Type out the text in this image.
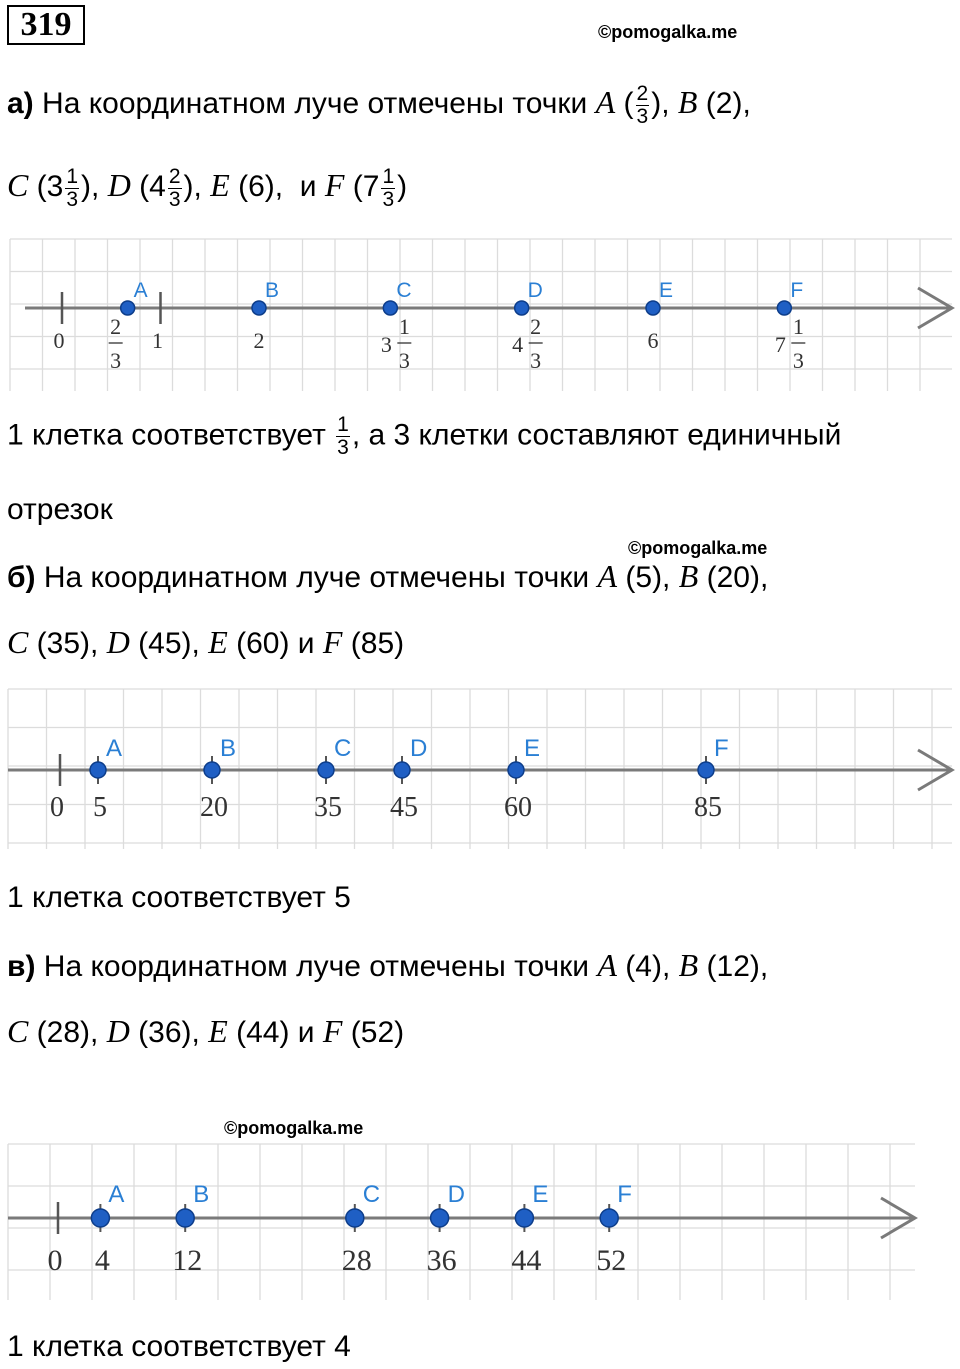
319	©pomogalka.me
а) На координатном луче отмечены точки A ( $\frac{2}{3}$ ), B (2),
C ($3 \frac{1}{3}$ ), D ($4 \frac{2}{3}$ ), E (6), и F ($7 \frac{1}{3}$ )
0	1
A
2
3
B
2
C
3
1
3
D
4
2
3
E
6
F
7
1
3
1 клетка соответствует $\frac{1}{3}$ , а 3 клетки составляют единичный
отрезок
©pomogalka.me
б) На координатном луче отмечены точки A (5), B (20),
C (35), D (45), E (60) и F (85)
0
A
5
B
20
C
35
D
45
E
60
F
85
1 клетка соответствует 5
в) На координатном луче отмечены точки A (4), B (12),
C (28), D (36), E (44) и F (52)
©pomogalka.me
0
A
4
B
12
C
28
D
36
E
44
F
52
1 клетка соответствует 4
